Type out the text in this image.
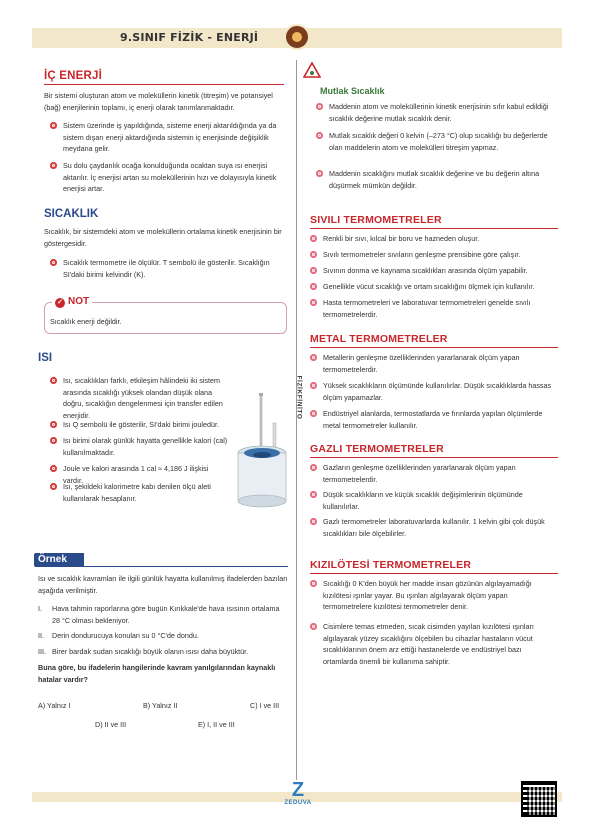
9.SINIF FİZİK - ENERJİ
FİZİKFİNİTO
İÇ ENERJİ
Bir sistemi oluşturan atom ve moleküllerin kinetik (titreşim) ve potansiyel (bağ) enerjilerinin toplamı, iç enerji olarak tanımlanmaktadır.
Sistem üzerinde iş yapıldığında, sisteme enerji aktarıldığında ya da sistem dışarı enerji aktardığında sistemin iç enerjisinde değişiklik meydana gelir.
Su dolu çaydanlık ocağa konulduğunda ocaktan suya ısı enerjisi aktarılır. İç enerjisi artan su moleküllerinin hızı ve dolayısıyla kinetik enerjisi artar.
SICAKLIK
Sıcaklık, bir sistemdeki atom ve moleküllerin ortalama kinetik enerjisinin bir göstergesidir.
Sıcaklık termometre ile ölçülür. T sembolü ile gösterilir. Sıcaklığın SI'daki birimi kelvindir (K).
✓ NOT
Sıcaklık enerji değildir.
ISI
Isı, sıcaklıkları farklı, etkileşim hâlindeki iki sistem arasında sıcaklığı yüksek olandan düşük olana doğru, sıcaklığın dengelenmesi için transfer edilen enerjidir.
Isı Q sembolü ile gösterilir, SI'daki birimi jouledür.
Isı birimi olarak günlük hayatta genellikle kalori (cal) kullanılmaktadır.
Joule ve kalori arasında 1 cal ≈ 4,186 J ilişkisi vardır.
Isı, şekildeki kalorimetre kabı denilen ölçü aleti kullanılarak hesaplanır.
Örnek
Isı ve sıcaklık kavramları ile ilgili günlük hayatta kullanılmış ifadelerden bazıları aşağıda verilmiştir.
I. Hava tahmin raporlarına göre bugün Kırıkkale'de hava ısısının ortalama 28 °C olması bekleniyor.
II. Derin dondurucuya konulan su 0 °C'de dondu.
III. Birer bardak sudan sıcaklığı büyük olanın ısısı daha büyüktür.
Buna göre, bu ifadelerin hangilerinde kavram yanılgılarından kaynaklı hatalar vardır?
A) Yalnız I	B) Yalnız II	C) I ve III
D) II ve III	E) I, II ve III
Mutlak Sıcaklık
Maddenin atom ve moleküllerinin kinetik enerjisinin sıfır kabul edildiği sıcaklık değerine mutlak sıcaklık denir.
Mutlak sıcaklık değeri 0 kelvin (–273 °C) olup sıcaklığı bu değerlerde olan maddelerin atom ve molekülleri titreşim yapmaz.
Maddenin sıcaklığını mutlak sıcaklık değerine ve bu değerin altına düşürmek mümkün değildir.
SIVILI TERMOMETRELER
Renkli bir sıvı, kılcal bir boru ve hazneden oluşur.
Sıvılı termometreler sıvıların genleşme prensibine göre çalışır.
Sıvının donma ve kaynama sıcaklıkları arasında ölçüm yapabilir.
Genellikle vücut sıcaklığı ve ortam sıcaklığını ölçmek için kullanılır.
Hasta termometreleri ve laboratuvar termometreleri genelde sıvılı termometrelerdir.
METAL TERMOMETRELER
Metallerin genleşme özelliklerinden yararlanarak ölçüm yapan termometrelerdir.
Yüksek sıcaklıkların ölçümünde kullanılırlar. Düşük sıcaklıklarda hassas ölçüm yapamazlar.
Endüstriyel alanlarda, termostatlarda ve fırınlarda yapılan ölçümlerde metal termometreler kullanılır.
GAZLI TERMOMETRELER
Gazların genleşme özelliklerinden yararlanarak ölçüm yapan termometrelerdir.
Düşük sıcaklıkların ve küçük sıcaklık değişimlerinin ölçümünde kullanılırlar.
Gazlı termometreler laboratuvarlarda kullanılır. 1 kelvin gibi çok düşük sıcaklıkları bile ölçebilirler.
KIZILÖTESİ TERMOMETRELER
Sıcaklığı 0 K'den büyük her madde insan gözünün algılayamadığı kızılötesi ışınlar yayar. Bu ışınları algılayarak ölçüm yapan termometrelere kızılötesi termometreler denir.
Cisimlere temas etmeden, sıcak cisimden yayılan kızılötesi ışınları algılayarak yüzey sıcaklığını ölçebilen bu cihazlar hastaların vücut sıcaklıklarının önem arz ettiği hastanelerde ve endüstriyel bazı ortamlarda önemli bir kullanıma sahiptir.
Z
ZEDUVA
